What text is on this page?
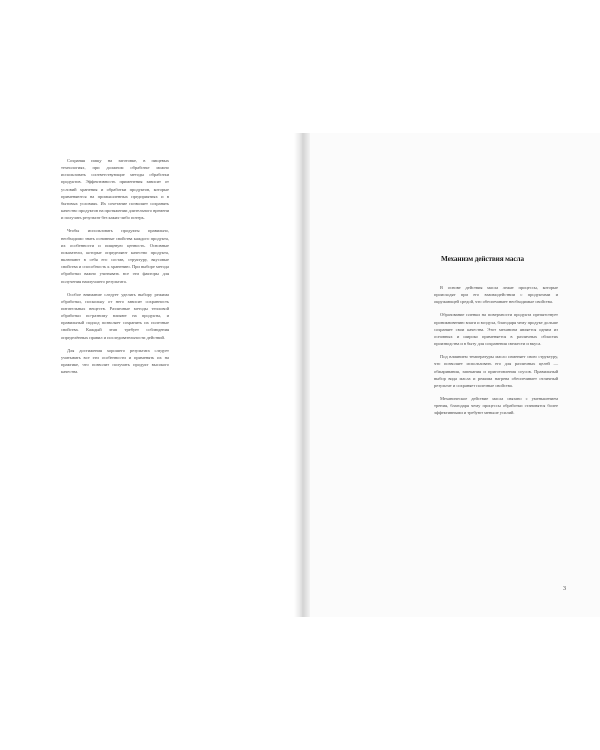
Сохраняя пищу на заготовке, в пищевых технологиях, при должном обработке можно использовать соответствующие методы обработки продуктов. Эффективность применения зависит от условий хранения и обработки продуктов, которые применяются на промышленных предприятиях и в бытовых условиях. Их сочетание позволяет сохранять качество продуктов на протяжении длительного времени и получать результат без каких-либо потерь.

Чтобы использовать продукты правильно, необходимо знать основные свойства каждого продукта, их особенности и пищевую ценность. Основные показатели, которые определяют качество продукта, включают в себя его состав, структуру, вкусовые свойства и способность к хранению. При выборе метода обработки важно учитывать все эти факторы для получения наилучшего результата.

Особое внимание следует уделять выбору режима обработки, поскольку от него зависит сохранность питательных веществ. Различные методы тепловой обработки по-разному влияют на продукты, и правильный подход позволяет сохранить их полезные свойства. Каждый этап требует соблюдения определённых правил и последовательности действий.

Для достижения хорошего результата следует учитывать все эти особенности и применять их на практике, что позволит получить продукт высокого качества.

Механизм действия масла

В основе действия масла лежат процессы, которые происходят при его взаимодействии с продуктами и окружающей средой, что обеспечивает необходимые свойства.

Образование пленки на поверхности продукта препятствует проникновению влаги и воздуха, благодаря чему продукт дольше сохраняет свои качества. Этот механизм является одним из основных и широко применяется в различных областях производства и в быту для сохранения свежести и вкуса.

Под влиянием температуры масло изменяет свою структуру, что позволяет использовать его для различных целей — обжаривания, запекания и приготовления соусов. Правильный выбор вида масла и режима нагрева обеспечивает отличный результат и сохраняет полезные свойства.

Механическое действие масла связано с уменьшением трения, благодаря чему процессы обработки становятся более эффективными и требуют меньше усилий.

3
